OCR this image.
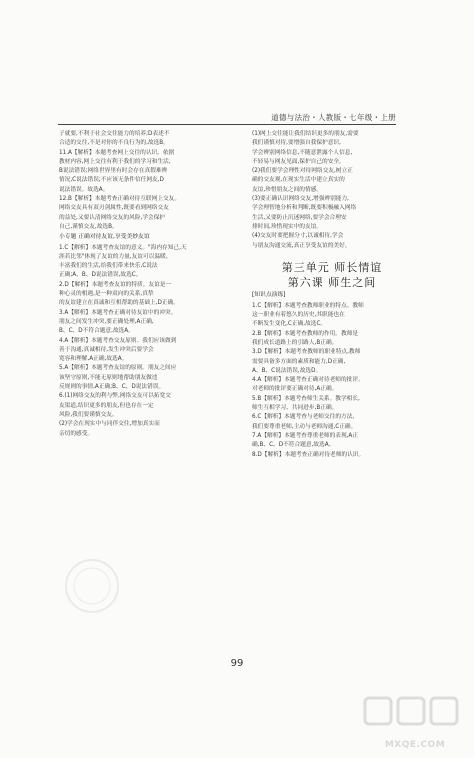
道德与法治・人教版・七年级・上册

子就要,不利于社会交往能力的培养;D表述不

合适的交往,不是对你的不良行为的,故选B。

11.A【解析】本题考查网上交往的认识。依据

教材内容,网上交往有利于我们的学习和生活,

B说法错误;网络世界里有时会存在真假难辨

情况,C说法错误;不应该无条件信任网友,D

说法错误。故选A。

12.B【解析】本题考查正确对待互联网上交友。

网络交友具有双刃剑属性,既要看到网络交友

的益处,又要认清网络交友的风险,学会保护

自己,谨慎交友,故选B。

小专题 正确对待友谊,享受美妙友谊

1.C【解析】本题考查友谊的意义。"海内存知己,天

涯若比邻"体现了友谊的力量,友谊可以温暖、

丰富我们的生活,给我们带来快乐,C说法

正确;A、B、D说法错误,故选C。

2.D【解析】本题考查友谊的特质。友谊是一

种心灵的相遇,是一种双向的关系,真挚

的友谊建立在真诚和互相帮助的基础上,D正确。

3.A【解析】本题考查正确对待友谊中的冲突。

朋友之间发生冲突,要正确处理,A正确,

B、C、D不符合题意,故选A。

4.A【解析】本题考查交友原则。我们应该做到

善于沟通,真诚相待,发生冲突后要学会

宽容和理解,A正确,故选A。

5.A【解析】本题考查友谊的原则。朋友之间应

该坚守原则,不能无原则地帮助朋友做违

反规则的事情,A正确;B、C、D说法错误。

6.(1)网络交友的利与弊,网络交友可以拓宽交

友渠道,结识更多的朋友,但也存在一定

风险,我们要谨慎交友。

(2)学会在现实中与同伴交往,增加真实而

亲切的感受。

(1)网上交往能让我们结识更多的朋友,需要

我们谨慎对待,要增强自我保护意识,

学会辨别网络信息,不随意泄露个人信息,

不轻易与网友见面,保护自己的安全。

(2)我们要学会理性对待网络交友,树立正

确的交友观,在现实生活中建立真实的

友谊,珍惜朋友之间的情感。

(3)要正确认识网络交友,增强辨别能力,

学会理智地分析和判断,既要积极融入网络

生活,又要防止沉迷网络,要学会合理安

排时间,珍惜现实中的友谊。

(4)交友时要把握分寸,以诚相待,学会

与朋友沟通交流,真正享受友谊的美好。

第三单元 师长情谊

第六课 师生之间

[知识点演练]

1.C【解析】本题考查教师职业的特点。教师

这一职业有着悠久的历史,其职能也在

不断发生变化,C正确,故选C。

2.B【解析】本题考查教师的作用。教师是

我们成长道路上的引路人,B正确。

3.D【解析】本题考查教师的职业特点,教师

需要具备多方面的素质和能力,D正确,

A、B、C说法错误,故选D。

4.A【解析】本题考查正确对待老师的批评。

对老师的批评要正确对待,A正确。

5.B【解析】本题考查师生关系。教学相长,

师生互相学习、共同进步,B正确。

6.C【解析】本题考查与老师交往的方法,

我们要尊重老师,主动与老师沟通,C正确。

7.A【解析】本题考查尊重老师的表现,A正

确,B、C、D不符合题意,故选A。

8.D【解析】本题考查正确对待老师的认识。

99
MXQE.COM
